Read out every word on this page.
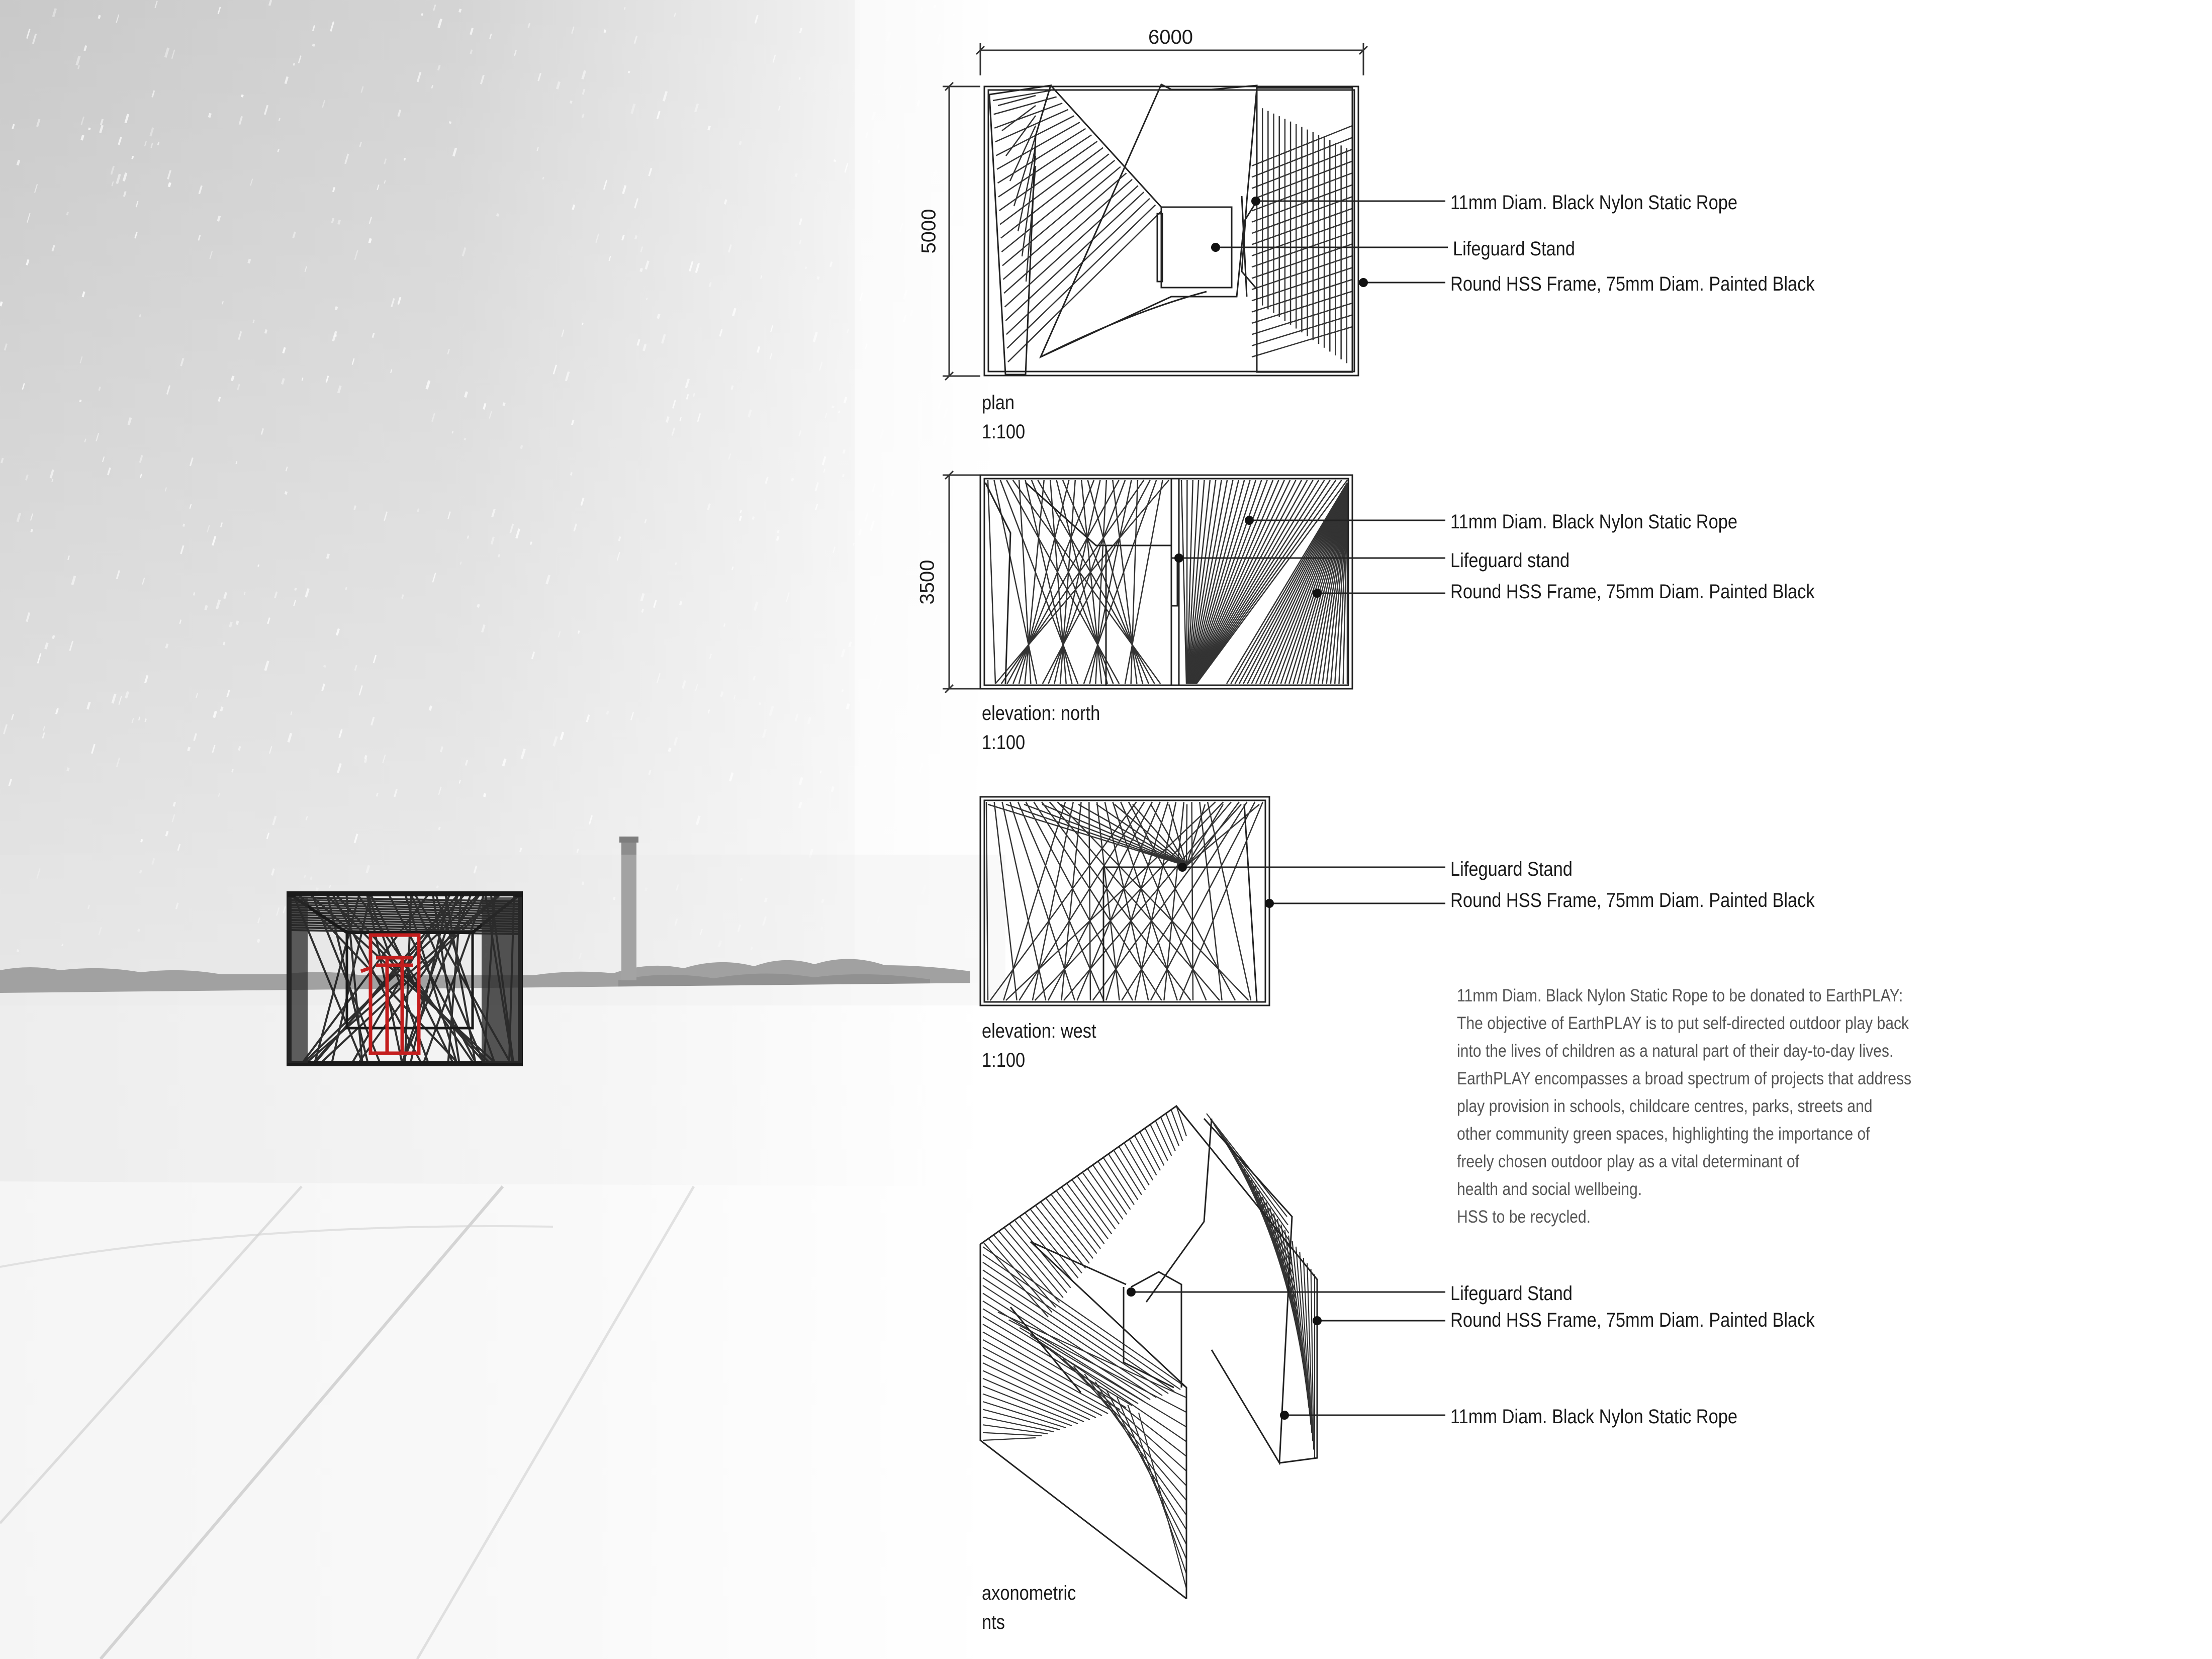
6000
5000
3500
plan
1:100
elevation: north
1:100
elevation: west
1:100
axonometric
nts
11mm Diam. Black Nylon Static Rope
Lifeguard Stand
Round HSS Frame, 75mm Diam. Painted Black
11mm Diam. Black Nylon Static Rope
Lifeguard stand
Round HSS Frame, 75mm Diam. Painted Black
Lifeguard Stand
Round HSS Frame, 75mm Diam. Painted Black
Lifeguard Stand
Round HSS Frame, 75mm Diam. Painted Black
11mm Diam. Black Nylon Static Rope
11mm Diam. Black Nylon Static Rope to be donated to EarthPLAY:
The objective of EarthPLAY is to put self-directed outdoor play back
into the lives of children as a natural part of their day-to-day lives.
EarthPLAY encompasses a broad spectrum of projects that address
play provision in schools, childcare centres, parks, streets and
other community green spaces, highlighting the importance of
freely chosen outdoor play as a vital determinant of
health and social wellbeing.
HSS to be recycled.
